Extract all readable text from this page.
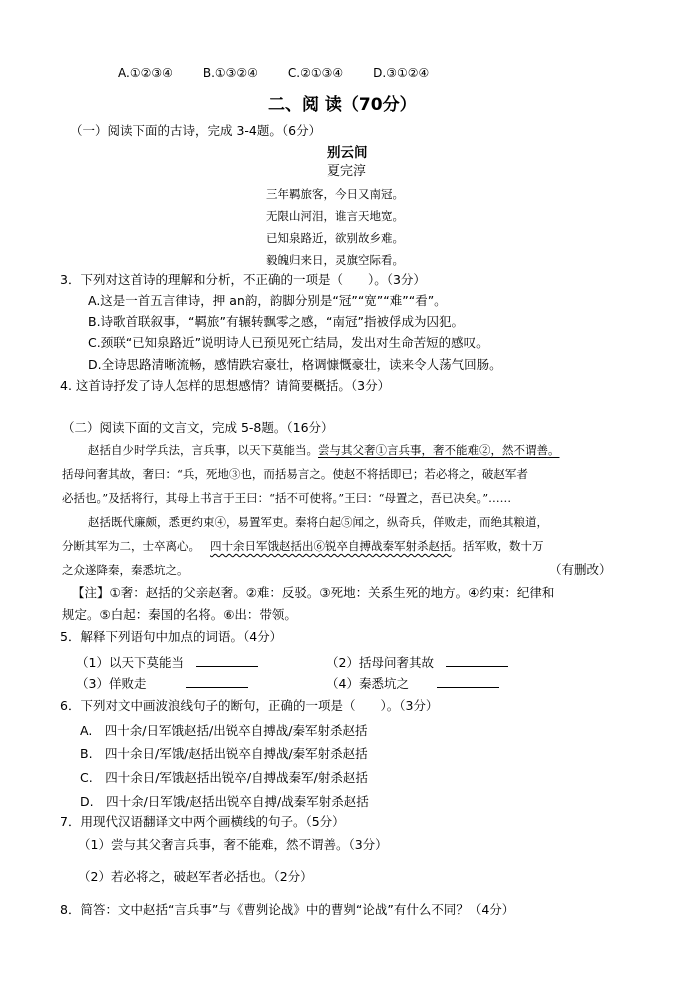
A.①②③④	B.①③②④	C.②①③④	D.③①②④
二、阅 读（70分）
（一）阅读下面的古诗，完成 3-4题。（6分）
别云间
夏完淳
三年羁旅客，今日又南冠。
无限山河泪，谁言天地宽。
已知泉路近，欲别故乡难。
毅魄归来日，灵旗空际看。
3．下列对这首诗的理解和分析，不正确的一项是（　　）。（3分）
A.这是一首五言律诗，押 an韵，韵脚分别是“冠”“宽”“难”“看”。
B.诗歌首联叙事，“羁旅”有辗转飘零之感，“南冠”指被俘成为囚犯。
C.颈联“已知泉路近”说明诗人已预见死亡结局，发出对生命苦短的感叹。
D.全诗思路清晰流畅，感情跌宕豪壮，格调慷慨豪壮，读来令人荡气回肠。
4. 这首诗抒发了诗人怎样的思想感情？请简要概括。（3分）
（二）阅读下面的文言文，完成 5-8题。（16分）
赵括自少时学兵法，言兵事，以天下莫能当。尝与其父奢①言兵事，奢不能难②，然不谓善。
括母问奢其故，奢曰：“兵，死地③也，而括易言之。使赵不将括即已；若必将之，破赵军者
必括也。”及括将行，其母上书言于王曰：“括不可使将。”王曰：“母置之，吾已决矣。”……
赵括既代廉颇，悉更约束④，易置军吏。秦将白起⑤闻之，纵奇兵，佯败走，而绝其粮道，
分断其军为二，士卒离心。 四十余日军饿赵括出⑥锐卒自搏战秦军射杀赵括。括军败，数十万
之众遂降秦，秦悉坑之。	（有删改）
【注】①奢：赵括的父亲赵奢。②难：反驳。③死地：关系生死的地方。④约束：纪律和
规定。⑤白起：秦国的名将。⑥出：带领。
5．解释下列语句中加点的词语。（4分）
（1）以天下莫能当	（2）括母问奢其故
（3）佯败走	（4）秦悉坑之
6．下列对文中画波浪线句子的断句，正确的一项是（　　）。（3分）
A.　四十余/日军饿赵括/出锐卒自搏战/秦军射杀赵括
B.　四十余日/军饿/赵括出锐卒自搏战/秦军射杀赵括
C.　四十余日/军饿赵括出锐卒/自搏战秦军/射杀赵括
D.　四十余/日军饿/赵括出锐卒自搏/战秦军射杀赵括
7．用现代汉语翻译文中两个画横线的句子。（5分）
（1）尝与其父奢言兵事，奢不能难，然不谓善。（3分）
（2）若必将之，破赵军者必括也。（2分）
8．简答：文中赵括“言兵事”与《曹刿论战》中的曹刿“论战”有什么不同？（4分）
